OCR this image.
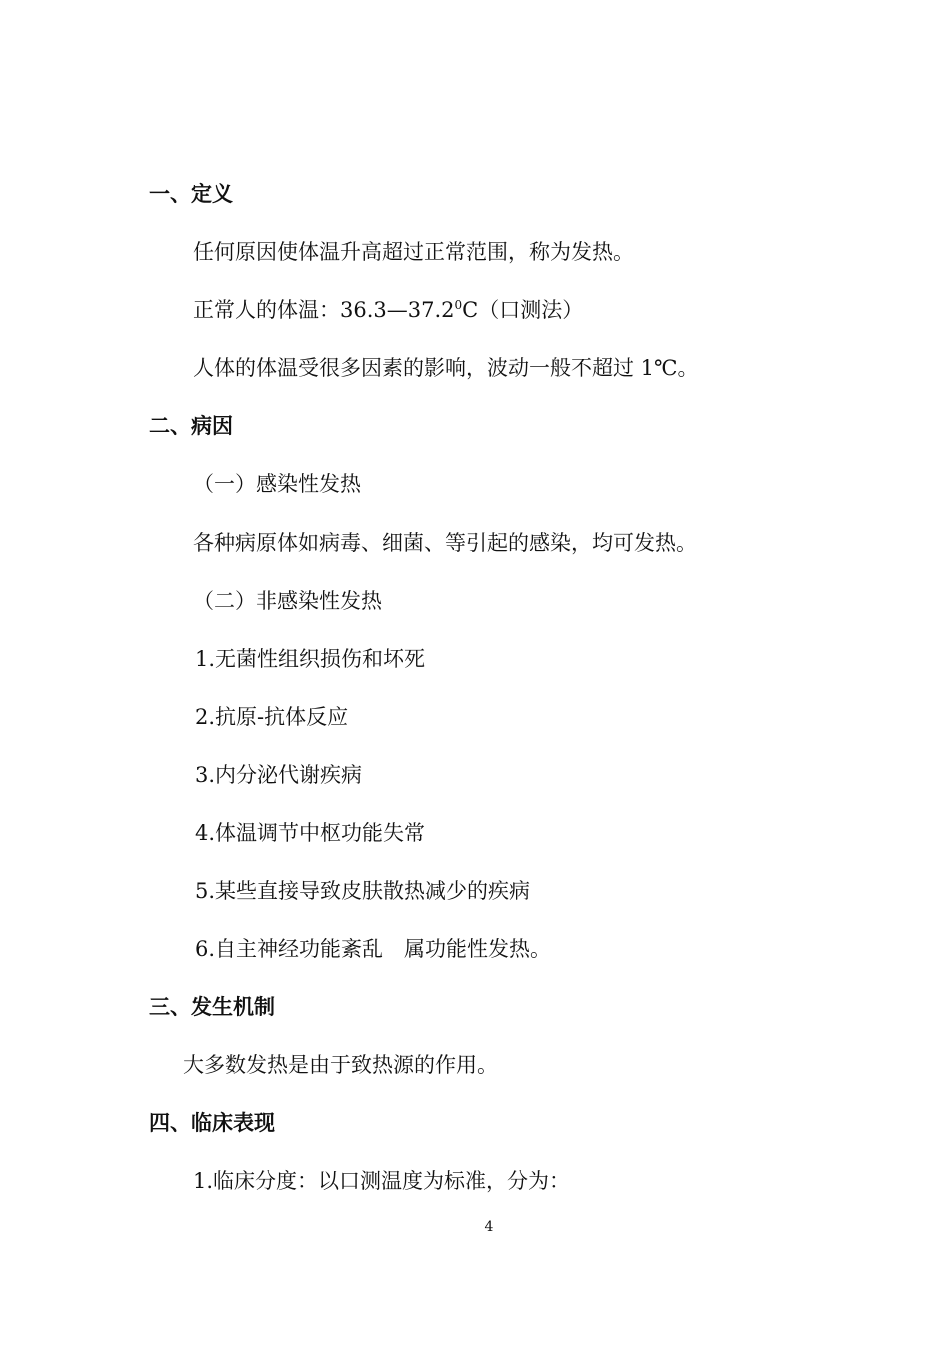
一、定义
任何原因使体温升高超过正常范围，称为发热。
正常人的体温：36.3—37.2$^0$C（口测法）
人体的体温受很多因素的影响，波动一般不超过 1℃。
二、病因
（一）感染性发热
各种病原体如病毒、细菌、等引起的感染，均可发热。
（二）非感染性发热
1.无菌性组织损伤和坏死
2.抗原-抗体反应
3.内分泌代谢疾病
4.体温调节中枢功能失常
5.某些直接导致皮肤散热减少的疾病
6.自主神经功能紊乱　属功能性发热。
三、发生机制
大多数发热是由于致热源的作用。
四、临床表现
1.临床分度：以口测温度为标准，分为：
4
